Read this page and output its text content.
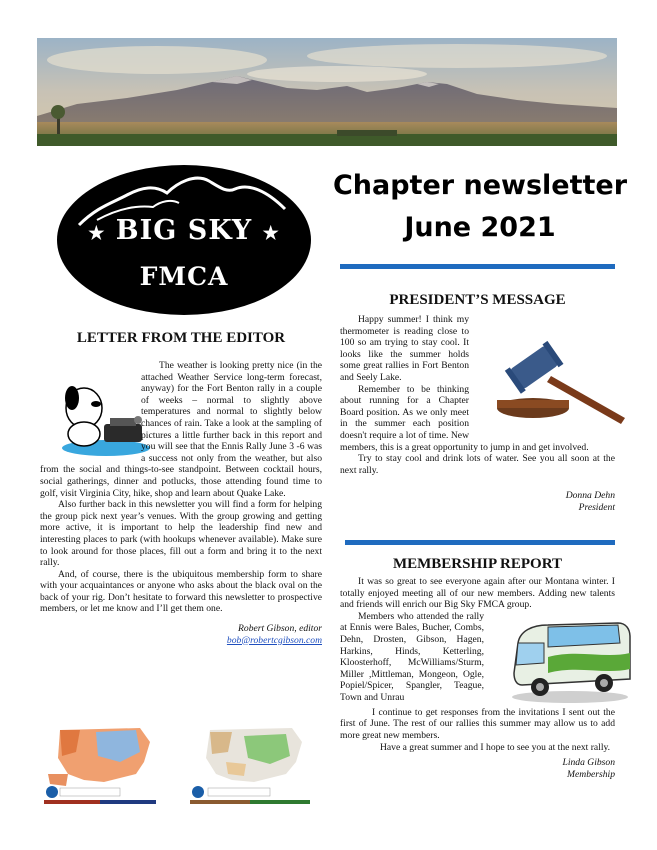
★ BIG SKY ★
FMCA
Chapter newsletter
June 2021
LETTER FROM THE EDITOR

The weather is looking pretty nice (in the attached Weather Service long-term forecast, anyway) for the Fort Benton rally in a couple of weeks – normal to slightly above temperatures and normal to slightly below chances of rain. Take a look at the sampling of pictures a little further back in this report and you will see that the Ennis Rally June 3 -6 was a success not only from the weather, but also from the social and things-to-see standpoint. Between cocktail hours, social gatherings, dinner and potlucks, those attending found time to golf, visit Virginia City, hike, shop and learn about Quake Lake.

Also further back in this newsletter you will find a form for helping the group pick next year’s venues. With the group growing and getting more active, it is important to help the leadership find new and interesting places to park (with hookups whenever available). Make sure to look around for those places, fill out a form and bring it to the next rally.

And, of course, there is the ubiquitous membership form to share with your acquaintances or anyone who asks about the black oval on the back of your rig. Don’t hesitate to forward this newsletter to prospective members, or let me know and I’ll get them one.

Robert Gibson, editor
bob@robertcgibson.com
PRESIDENT’S MESSAGE

Happy summer! I think my thermometer is reading close to 100 so am trying to stay cool. It looks like the summer holds some great rallies in Fort Benton and Seely Lake.

Remember to be thinking about running for a Chapter Board position. As we only meet in the summer each position doesn't require a lot of time. New members, this is a great opportunity to jump in and get involved.

Try to stay cool and drink lots of water. See you all soon at the next rally.

Donna Dehn
President
MEMBERSHIP REPORT

It was so great to see everyone again after our Montana winter. I totally enjoyed meeting all of our new members. Adding new talents and friends will enrich our Big Sky FMCA group.

Members who attended the rally at Ennis were Bales, Bucher, Combs, Dehn, Drosten, Gibson, Hagen, Harkins, Hinds, Ketterling, Kloosterhoff, McWilliams/Sturm, Miller ,Mittleman, Mongeon, Ogle, Popiel/Spicer, Spangler, Teague, Town and Unrau

I continue to get responses from the invitations I sent out the first of June. The rest of our rallies this summer may allow us to add more great new members.

Have a great summer and I hope to see you at the next rally.

Linda Gibson
Membership
